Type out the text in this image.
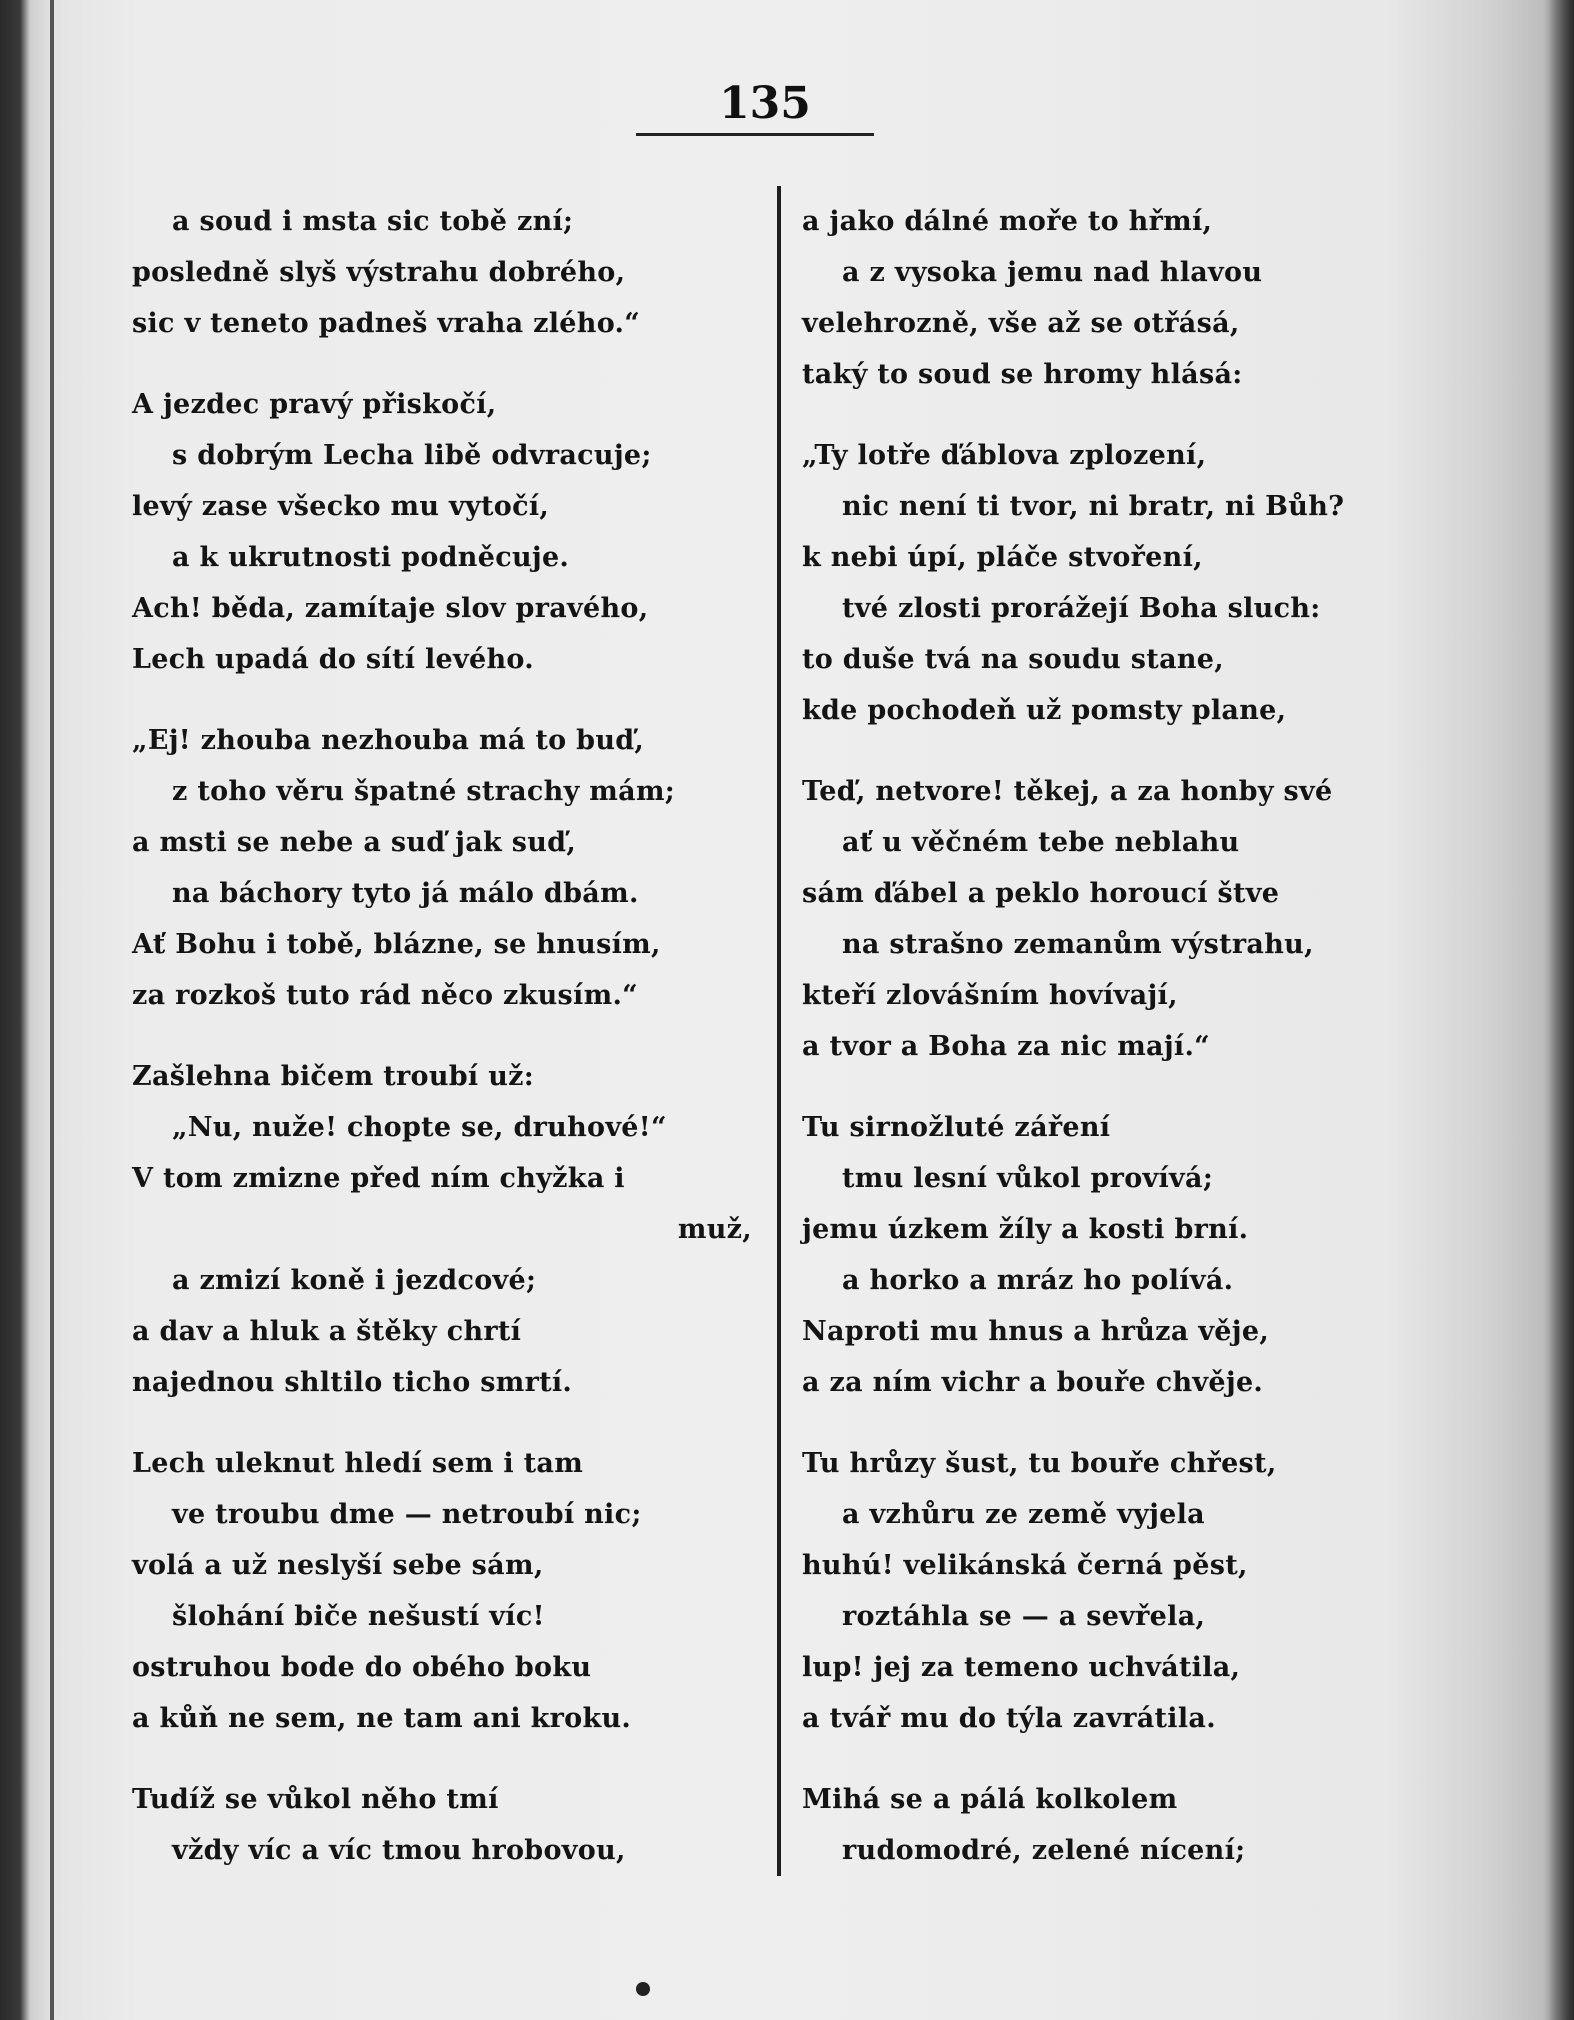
135
a soud i msta sic tobě zní;
posledně slyš výstrahu dobrého,
sic v teneto padneš vraha zlého.“
A jezdec pravý přiskočí,
s dobrým Lecha libě odvracuje;
levý zase všecko mu vytočí,
a k ukrutnosti podněcuje.
Ach! běda, zamítaje slov pravého,
Lech upadá do sítí levého.
„Ej! zhouba nezhouba má to buď,
z toho věru špatné strachy mám;
a msti se nebe a suď jak suď,
na báchory tyto já málo dbám.
Ať Bohu i tobě, blázne, se hnusím,
za rozkoš tuto rád něco zkusím.“
Zašlehna bičem troubí už:
„Nu, nuže! chopte se, druhové!“
V tom zmizne před ním chyžka i
muž,
a zmizí koně i jezdcové;
a dav a hluk a štěky chrtí
najednou shltilo ticho smrtí.
Lech uleknut hledí sem i tam
ve troubu dme — netroubí nic;
volá a už neslyší sebe sám,
šlohání biče nešustí víc!
ostruhou bode do obého boku
a kůň ne sem, ne tam ani kroku.
Tudíž se vůkol něho tmí
vždy víc a víc tmou hrobovou,
a jako dálné moře to hřmí,
a z vysoka jemu nad hlavou
velehrozně, vše až se otřásá,
taký to soud se hromy hlásá:
„Ty lotře ďáblova zplození,
nic není ti tvor, ni bratr, ni Bůh?
k nebi úpí, pláče stvoření,
tvé zlosti prorážejí Boha sluch:
to duše tvá na soudu stane,
kde pochodeň už pomsty plane,
Teď, netvore! těkej, a za honby své
ať u věčném tebe neblahu
sám ďábel a peklo horoucí štve
na strašno zemanům výstrahu,
kteří zlovášním hovívají,
a tvor a Boha za nic mají.“
Tu sirnožluté záření
tmu lesní vůkol provívá;
jemu úzkem žíly a kosti brní.
a horko a mráz ho polívá.
Naproti mu hnus a hrůza věje,
a za ním vichr a bouře chvěje.
Tu hrůzy šust, tu bouře chřest,
a vzhůru ze země vyjela
huhú! velikánská černá pěst,
roztáhla se — a sevřela,
lup! jej za temeno uchvátila,
a tvář mu do týla zavrátila.
Mihá se a pálá kolkolem
rudomodré, zelené nícení;
